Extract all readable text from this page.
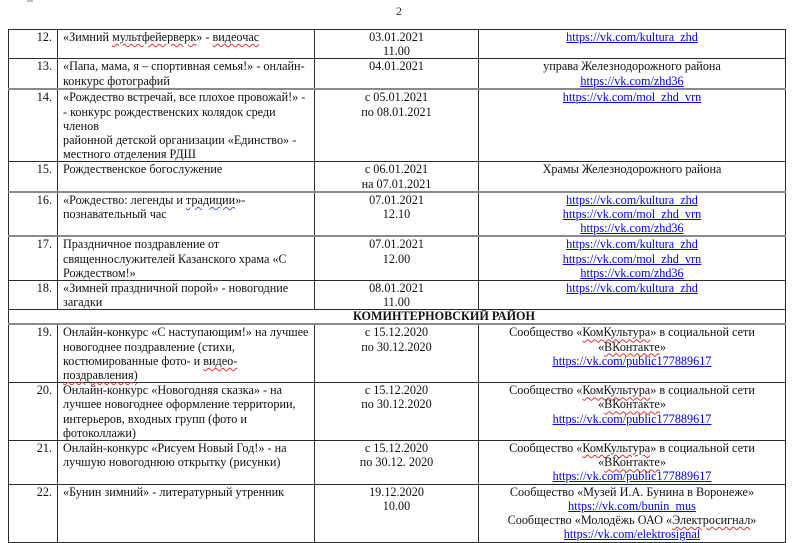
2
12.	«Зимний мультфейерверк» - видеочас	03.01.2021
11.00	https://vk.com/kultura_zhd

13.	«Папа, мама, я – спортивная семья!» - онлайн-
конкурс фотографий	04.01.2021	управа Железнодорожного района
https://vk.com/zhd36

14.	«Рождество встречай, все плохое провожай!» -
- конкурс рождественских колядок среди членов
районной детской организации «Единство» -
местного отделения РДШ	с 05.01.2021
по 08.01.2021	https://vk.com/mol_zhd_vrn

15.	Рождественское богослужение	с 06.01.2021
на 07.01.2021	Храмы Железнодорожного района

16.	«Рождество: легенды и традиции»-
познавательный час	07.01.2021
12.10	https://vk.com/kultura_zhd
https://vk.com/mol_zhd_vrn
https://vk.com/zhd36

17.	Праздничное поздравление от
священнослужителей Казанского храма «С
Рождеством!»	07.01.2021
12.00	https://vk.com/kultura_zhd
https://vk.com/mol_zhd_vrn
https://vk.com/zhd36

18.	«Зимней праздничной порой» - новогодние
загадки	08.01.2021
11.00	https://vk.com/kultura_zhd

КОМИНТЕРНОВСКИЙ РАЙОН			
19.	Онлайн-конкурс «С наступающим!» на лучшее
новогоднее поздравление (стихи,
костюмированные фото- и видео-
поздравления)	с 15.12.2020
по 30.12.2020	Сообщество «КомКультура» в социальной сети
«ВКонтакте»
https://vk.com/public177889617

20.	Онлайн-конкурс «Новогодняя сказка» - на
лучшее новогоднее оформление территории,
интерьеров, входных групп (фото и
фотоколлажи)	с 15.12.2020
по 30.12.2020	Сообщество «КомКультура» в социальной сети
«ВКонтакте»
https://vk.com/public177889617

21.	Онлайн-конкурс «Рисуем Новый Год!» - на
лучшую новогоднюю открытку (рисунки)	с 15.12.2020
по 30.12. 2020	Сообщество «КомКультура» в социальной сети
«ВКонтакте»
https://vk.com/public177889617

22.	«Бунин зимний» - литературный утренник	19.12.2020
10.00	Сообщество «Музей И.А. Бунина в Воронеже»
https://vk.com/bunin_mus
Сообщество «Молодёжь ОАО «Электросигнал»
https://vk.com/elektrosignal
